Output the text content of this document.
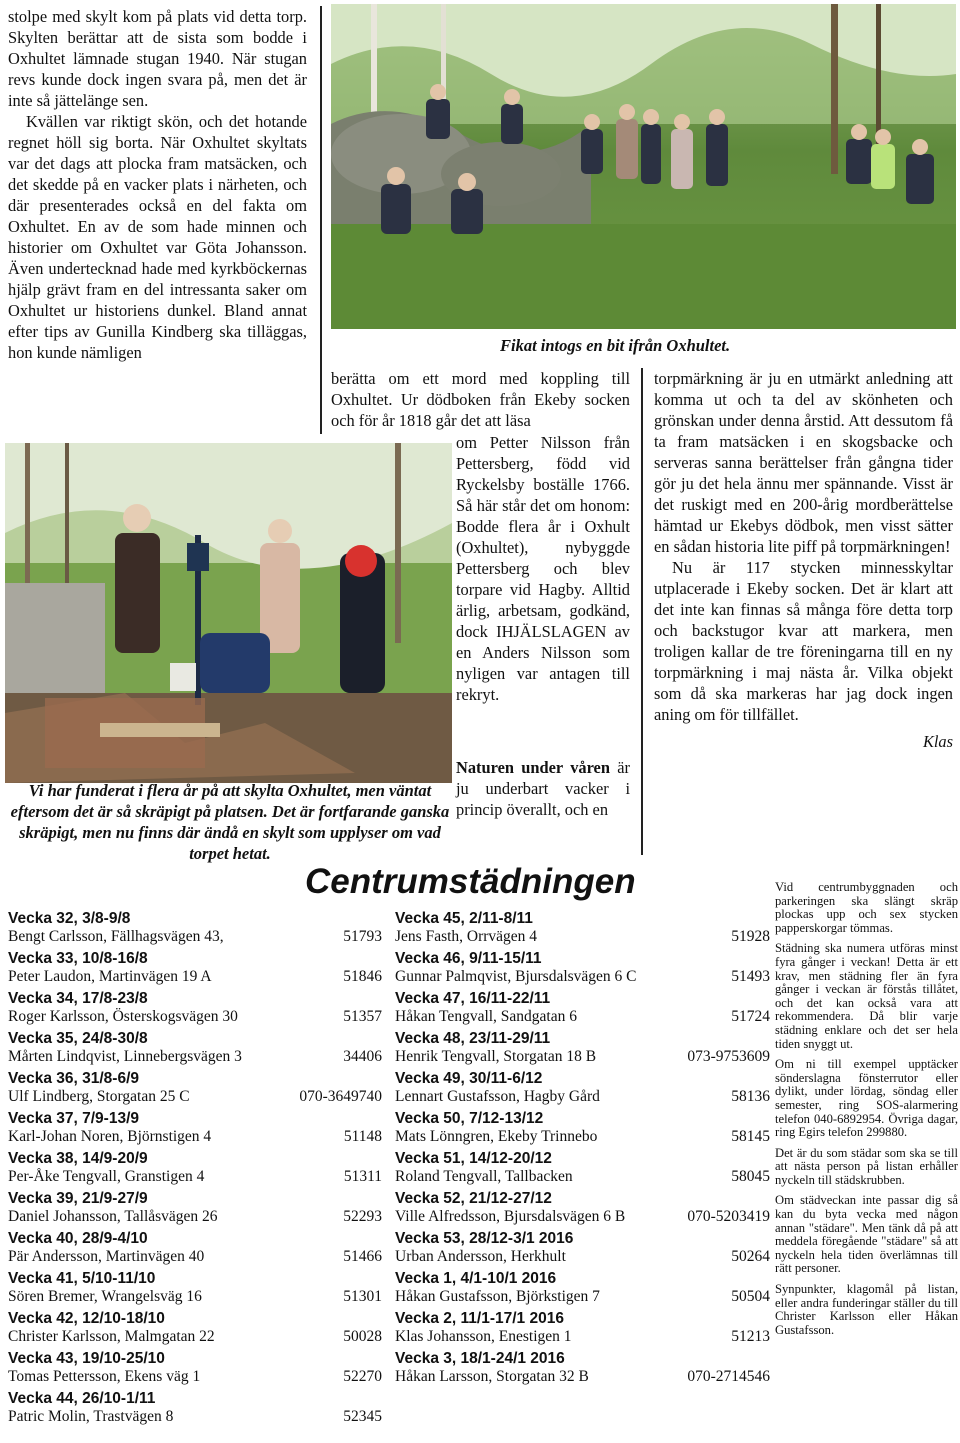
stolpe med skylt kom på plats vid detta torp. Skylten berättar att de sista som bodde i Oxhultet lämnade stugan 1940. När stugan revs kunde dock ingen svara på, men det är inte så jättelänge sen.

Kvällen var riktigt skön, och det hotande regnet höll sig borta. När Oxhultet skyltats var det dags att plocka fram matsäcken, och det skedde på en vacker plats i närheten, och där presenterades också en del fakta om Oxhultet. En av de som hade minnen och historier om Oxhultet var Göta Johansson. Även undertecknad hade med kyrkböckernas hjälp grävt fram en del intressanta saker om Oxhultet ur historiens dunkel. Bland annat efter tips av Gunilla Kindberg ska tilläggas, hon kunde nämligen	Fikat intogs en bit ifrån Oxhultet.
Vi har funderat i flera år på att skylta Oxhultet, men väntat eftersom det är så skräpigt på platsen. Det är fortfarande ganska skräpigt, men nu finns där ändå en skylt som upplyser om vad torpet hetat.
berätta om ett mord med koppling till Oxhultet. Ur dödboken från Ekeby socken och för år 1818 går det att läsa
om Petter Nilsson från Pettersberg, född vid Ryckelsby boställe 1766. Så här står det om honom: Bodde flera år i Oxhult (Oxhultet), nybyggde Pettersberg och blev torpare vid Hagby. Alltid ärlig, arbetsam, godkänd, dock IHJÄLSLAGEN av en Anders Nilsson som nyligen var antagen till rekryt.
Naturen under våren är ju underbart vacker i princip överallt, och en

torpmärkning är ju en utmärkt anledning att komma ut och ta del av skönheten och grönskan under denna årstid. Att dessutom få ta fram matsäcken i en skogsbacke och serveras sanna berättelser från gångna tider gör ju det hela ännu mer spännande. Visst är det ruskigt med en 200-årig mordberättelse hämtad ur Ekebys dödbok, men visst sätter en sådan historia lite piff på torpmärkningen!

Nu är 117 stycken minnesskyltar utplacerade i Ekeby socken. Det är klart att det inte kan finnas så många före detta torp och backstugor kvar att markera, men troligen kallar de tre föreningarna till en ny torpmärkning i maj nästa år. Vilka objekt som då ska markeras har jag dock ingen aning om för tillfället.

Klas

Centrumstädningen
Vecka 32, 3/8-9/8
Bengt Carlsson, Fällhagsvägen 43,	51793
Vecka 33, 10/8-16/8
Peter Laudon, Martinvägen 19 A	51846
Vecka 34, 17/8-23/8
Roger Karlsson, Österskogsvägen 30	51357
Vecka 35, 24/8-30/8
Mårten Lindqvist, Linnebergsvägen 3	34406
Vecka 36, 31/8-6/9
Ulf Lindberg, Storgatan 25 C	070-3649740
Vecka 37, 7/9-13/9
Karl-Johan Noren, Björnstigen 4	51148
Vecka 38, 14/9-20/9
Per-Åke Tengvall, Granstigen 4	51311
Vecka 39, 21/9-27/9
Daniel Johansson, Tallåsvägen 26	52293
Vecka 40, 28/9-4/10
Pär Andersson, Martinvägen 40	51466
Vecka 41, 5/10-11/10
Sören Bremer, Wrangelsväg 16	51301
Vecka 42, 12/10-18/10
Christer Karlsson, Malmgatan 22	50028
Vecka 43, 19/10-25/10
Tomas Pettersson, Ekens väg 1	52270
Vecka 44, 26/10-1/11
Patric Molin, Trastvägen 8	52345
Vecka 45, 2/11-8/11
Jens Fasth, Orrvägen 4	51928
Vecka 46, 9/11-15/11
Gunnar Palmqvist, Bjursdalsvägen 6 C	51493
Vecka 47, 16/11-22/11
Håkan Tengvall, Sandgatan 6	51724
Vecka 48, 23/11-29/11
Henrik Tengvall, Storgatan 18 B	073-9753609
Vecka 49, 30/11-6/12
Lennart Gustafsson, Hagby Gård	58136
Vecka 50, 7/12-13/12
Mats Lönngren, Ekeby Trinnebo	58145
Vecka 51, 14/12-20/12
Roland Tengvall, Tallbacken	58045
Vecka 52, 21/12-27/12
Ville Alfredsson, Bjursdalsvägen 6 B	070-5203419
Vecka 53, 28/12-3/1 2016
Urban Andersson, Herkhult	50264
Vecka 1, 4/1-10/1 2016
Håkan Gustafsson, Björkstigen 7	50504
Vecka 2, 11/1-17/1 2016
Klas Johansson, Enestigen 1	51213
Vecka 3, 18/1-24/1 2016
Håkan Larsson, Storgatan 32 B	070-2714546

Vid centrumbyggnaden och parkeringen ska slängt skräp plockas upp och sex stycken papperskorgar tömmas.

Städning ska numera utföras minst fyra gånger i veckan! Detta är ett krav, men städning fler än fyra gånger i veckan är förstås tillåtet, och det kan också vara att rekommendera. Då blir varje städning enklare och det ser hela tiden snyggt ut.

Om ni till exempel upptäcker sönderslagna fönsterrutor eller dylikt, under lördag, söndag eller semester, ring SOS-alarmering telefon 040-6892954. Övriga dagar, ring Egirs telefon 299880.

Det är du som städar som ska se till att nästa person på listan erhåller nyckeln till städskrubben.

Om städveckan inte passar dig så kan du byta vecka med någon annan "städare". Men tänk då på att meddela föregående "städare" så att nyckeln hela tiden överlämnas till rätt personer.

Synpunkter, klagomål på listan, eller andra funderingar ställer du till Christer Karlsson eller Håkan Gustafsson.
